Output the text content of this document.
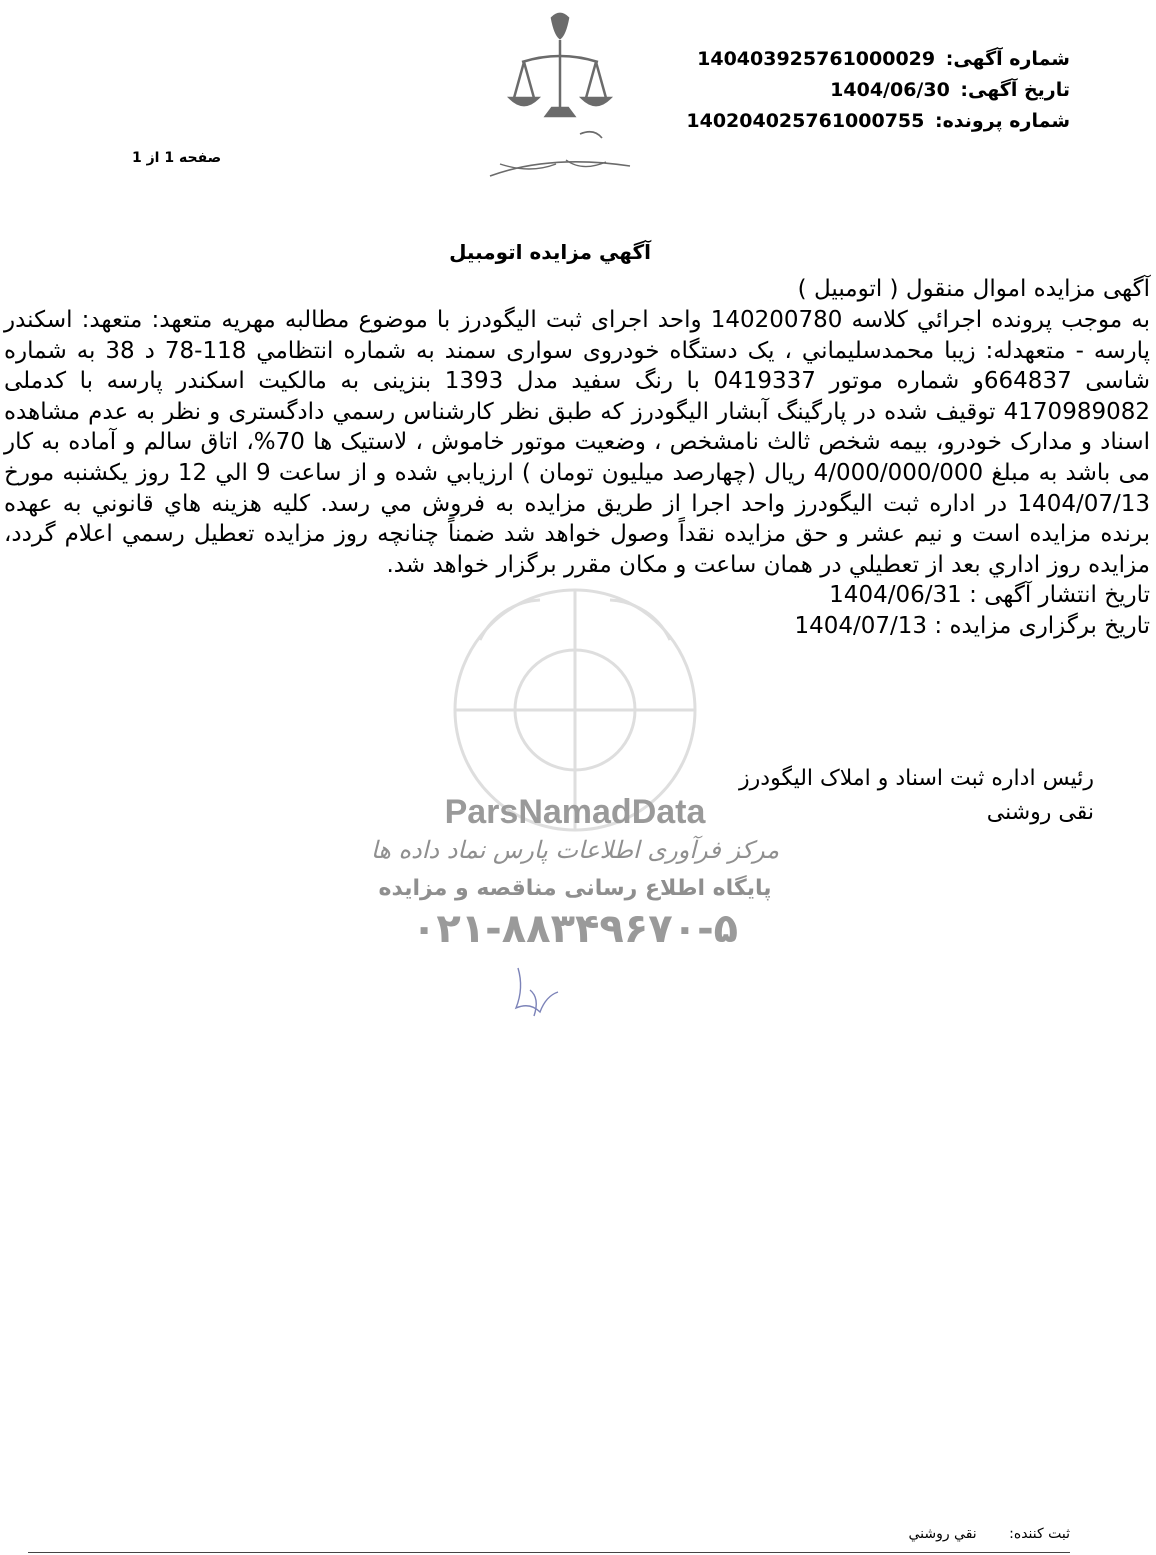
شماره آگهی: 140403925761000029
تاریخ آگهی: 1404/06/30
شماره پرونده: 140204025761000755
صفحه 1 از 1
آگهي مزايده اتومبيل
ParsNamadData
مرکز فرآوری اطلاعات پارس نماد داده ها
پایگاه اطلاع رسانی مناقصه و مزایده
۰۲۱-۸۸۳۴۹۶۷۰-۵

آگهی مزایده اموال منقول ( اتومبیل )

به موجب پرونده اجرائي كلاسه 140200780 واحد اجرای ثبت الیگودرز با موضوع مطالبه مهریه متعهد: متعهد: اسکندر پارسه - متعهدله: زيبا محمدسليماني ، یک دستگاه خودروی سواری سمند به شماره انتظامي 118-78 د 38 به شماره شاسی 664837و شماره موتور 0419337 با رنگ سفید مدل 1393 بنزینی به مالکیت اسکندر پارسه با کدملی 4170989082 توقیف شده در پارگینگ آبشار الیگودرز که طبق نظر کارشناس رسمي دادگستری و نظر به عدم مشاهده اسناد و مدارک خودرو، بیمه شخص ثالث نامشخص ، وضعیت موتور خاموش ، لاستیک ها 70%، اتاق سالم و آماده به کار می باشد به مبلغ 4/000/000/000 ریال (چهارصد میلیون تومان ) ارزيابي شده و از ساعت 9 الي 12 روز یکشنبه مورخ 1404/07/13 در اداره ثبت اليگودرز واحد اجرا از طريق مزايده به فروش مي رسد. كليه هزينه هاي قانوني به عهده برنده مزايده است و نيم عشر و حق مزايده نقداً وصول خواهد شد ضمناً چنانچه روز مزايده تعطيل رسمي اعلام گردد، مزايده روز اداري بعد از تعطيلي در همان ساعت و مكان مقرر برگزار خواهد شد.

تاریخ انتشار آگهی : 1404/06/31

تاریخ برگزاری مزایده : 1404/07/13

رئیس اداره ثبت اسناد و املاک الیگودرز
نقی روشنی
ثبت كننده: نقي روشني
